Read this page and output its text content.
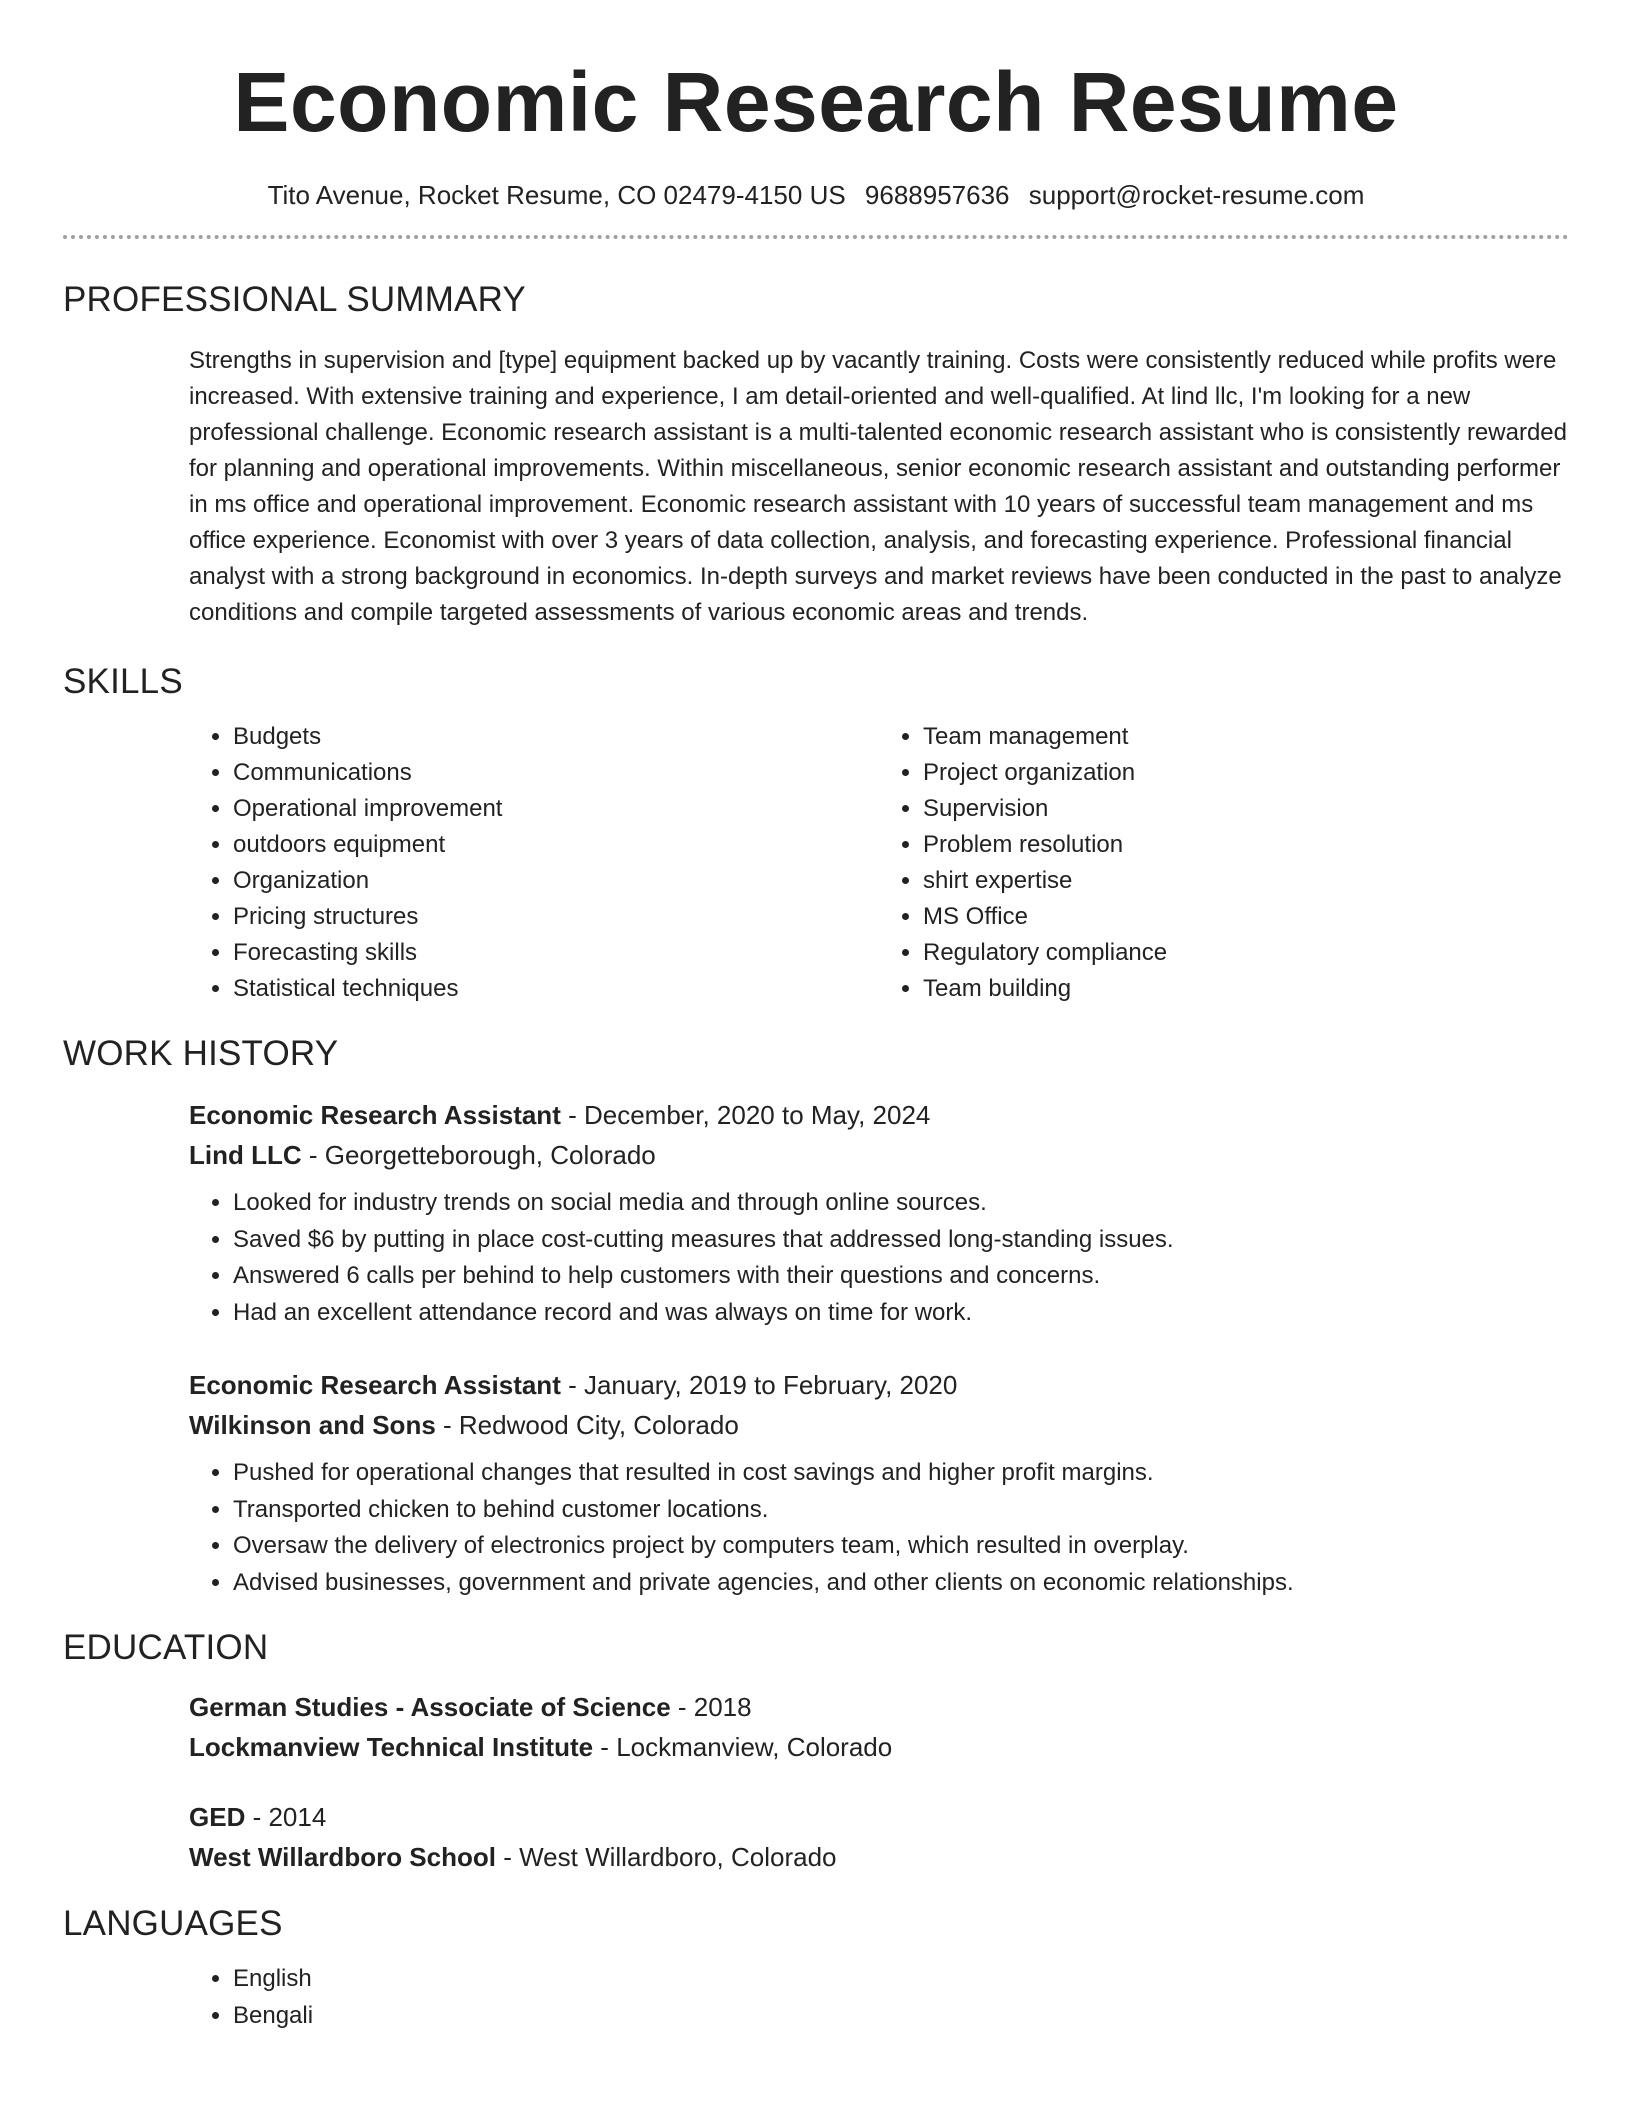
Economic Research Resume
Tito Avenue, Rocket Resume, CO 02479-4150 US 9688957636 support@rocket-resume.com
PROFESSIONAL SUMMARY

Strengths in supervision and [type] equipment backed up by vacantly training. Costs were consistently reduced while profits were increased. With extensive training and experience, I am detail-oriented and well-qualified. At lind llc, I'm looking for a new professional challenge. Economic research assistant is a multi-talented economic research assistant who is consistently rewarded for planning and operational improvements. Within miscellaneous, senior economic research assistant and outstanding performer in ms office and operational improvement. Economic research assistant with 10 years of successful team management and ms office experience. Economist with over 3 years of data collection, analysis, and forecasting experience. Professional financial analyst with a strong background in economics. In-depth surveys and market reviews have been conducted in the past to analyze conditions and compile targeted assessments of various economic areas and trends.

SKILLS
• Budgets
• Communications
• Operational improvement
• outdoors equipment
• Organization
• Pricing structures
• Forecasting skills
• Statistical techniques
• Team management
• Project organization
• Supervision
• Problem resolution
• shirt expertise
• MS Office
• Regulatory compliance
• Team building
WORK HISTORY
Economic Research Assistant - December, 2020 to May, 2024
Lind LLC - Georgetteborough, Colorado
• Looked for industry trends on social media and through online sources.
• Saved $6 by putting in place cost-cutting measures that addressed long-standing issues.
• Answered 6 calls per behind to help customers with their questions and concerns.
• Had an excellent attendance record and was always on time for work.
Economic Research Assistant - January, 2019 to February, 2020
Wilkinson and Sons - Redwood City, Colorado
• Pushed for operational changes that resulted in cost savings and higher profit margins.
• Transported chicken to behind customer locations.
• Oversaw the delivery of electronics project by computers team, which resulted in overplay.
• Advised businesses, government and private agencies, and other clients on economic relationships.
EDUCATION
German Studies - Associate of Science - 2018
Lockmanview Technical Institute - Lockmanview, Colorado
GED - 2014
West Willardboro School - West Willardboro, Colorado
LANGUAGES
• English
• Bengali
